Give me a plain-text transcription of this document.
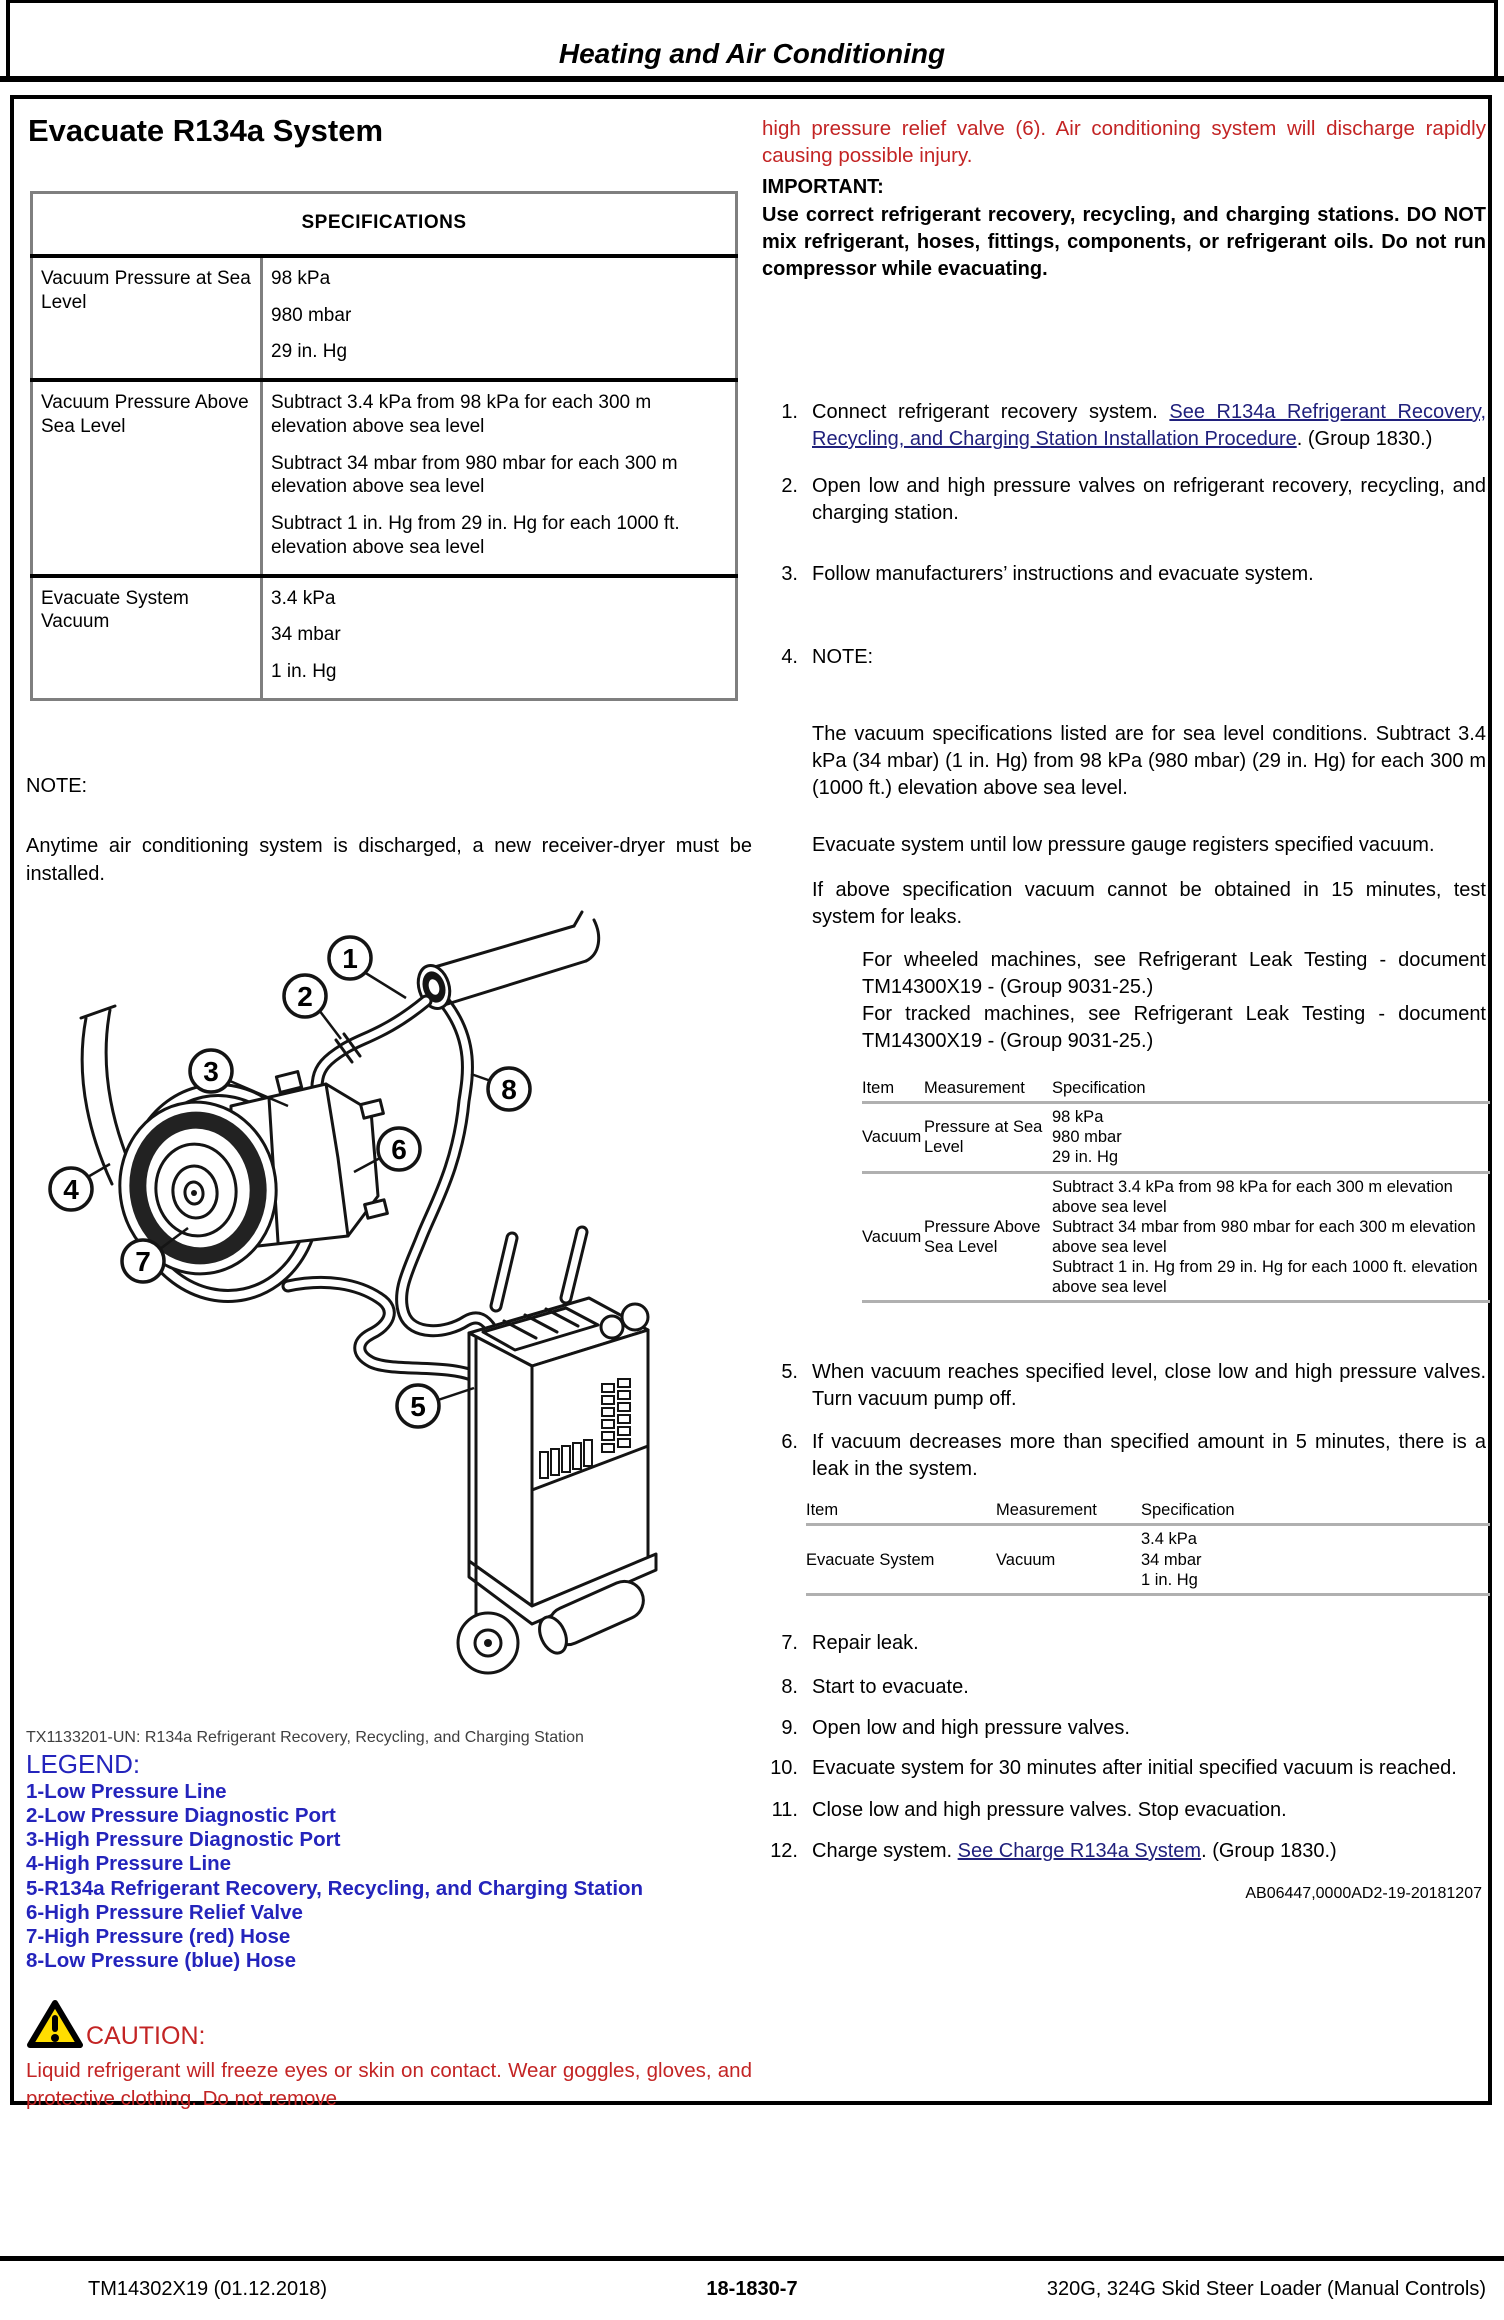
Heating and Air Conditioning
Evacuate R134a System
SPECIFICATIONS	
Vacuum Pressure at Sea Level	98 kPa
980 mbar
29 in. Hg

Vacuum Pressure Above Sea Level	Subtract 3.4 kPa from 98 kPa for each 300 m elevation above sea level
Subtract 34 mbar from 980 mbar for each 300 m elevation above sea level
Subtract 1 in. Hg from 29 in. Hg for each 1000 ft. elevation above sea level

Evacuate System Vacuum	3.4 kPa
34 mbar
1 in. Hg
NOTE:
Anytime air conditioning system is discharged, a new receiver-dryer must be installed.
1
2
3
4
5
6
7
8
TX1133201-UN: R134a Refrigerant Recovery, Recycling, and Charging Station
LEGEND:
1-Low Pressure Line
2-Low Pressure Diagnostic Port
3-High Pressure Diagnostic Port
4-High Pressure Line
5-R134a Refrigerant Recovery, Recycling, and Charging Station
6-High Pressure Relief Valve
7-High Pressure (red) Hose
8-Low Pressure (blue) Hose
CAUTION:
Liquid refrigerant will freeze eyes or skin on contact. Wear goggles, gloves, and protective clothing. Do not remove
high pressure relief valve (6). Air conditioning system will discharge rapidly causing possible injury.
IMPORTANT:
Use correct refrigerant recovery, recycling, and charging stations. DO NOT mix refrigerant, hoses, fittings, components, or refrigerant oils. Do not run compressor while evacuating.
1. Connect refrigerant recovery system. See R134a Refrigerant Recovery, Recycling, and Charging Station Installation Procedure. (Group 1830.)
2. Open low and high pressure valves on refrigerant recovery, recycling, and charging station.
3. Follow manufacturers’ instructions and evacuate system.
4. NOTE:
The vacuum specifications listed are for sea level conditions. Subtract 3.4 kPa (34 mbar) (1 in. Hg) from 98 kPa (980 mbar) (29 in. Hg) for each 300 m (1000 ft.) elevation above sea level.
Evacuate system until low pressure gauge registers specified vacuum.
If above specification vacuum cannot be obtained in 15 minutes, test system for leaks.
For wheeled machines, see Refrigerant Leak Testing - document TM14300X19 - (Group 9031-25.)
For tracked machines, see Refrigerant Leak Testing - document TM14300X19 - (Group 9031-25.)
Item	Measurement	Specification
Vacuum	Pressure at Sea Level	98 kPa
980 mbar
29 in. Hg

Vacuum	Pressure Above Sea Level	Subtract 3.4 kPa from 98 kPa for each 300 m elevation above sea level
Subtract 34 mbar from 980 mbar for each 300 m elevation above sea level
Subtract 1 in. Hg from 29 in. Hg for each 1000 ft. elevation above sea level
5. When vacuum reaches specified level, close low and high pressure valves. Turn vacuum pump off.
6. If vacuum decreases more than specified amount in 5 minutes, there is a leak in the system.
Item	Measurement	Specification
Evacuate System	Vacuum	3.4 kPa
34 mbar
1 in. Hg
7. Repair leak.
8. Start to evacuate.
9. Open low and high pressure valves.
10. Evacuate system for 30 minutes after initial specified vacuum is reached.
11. Close low and high pressure valves. Stop evacuation.
12. Charge system. See Charge R134a System. (Group 1830.)
AB06447,0000AD2-19-20181207
TM14302X19 (01.12.2018)	18-1830-7	320G, 324G Skid Steer Loader (Manual Controls)
